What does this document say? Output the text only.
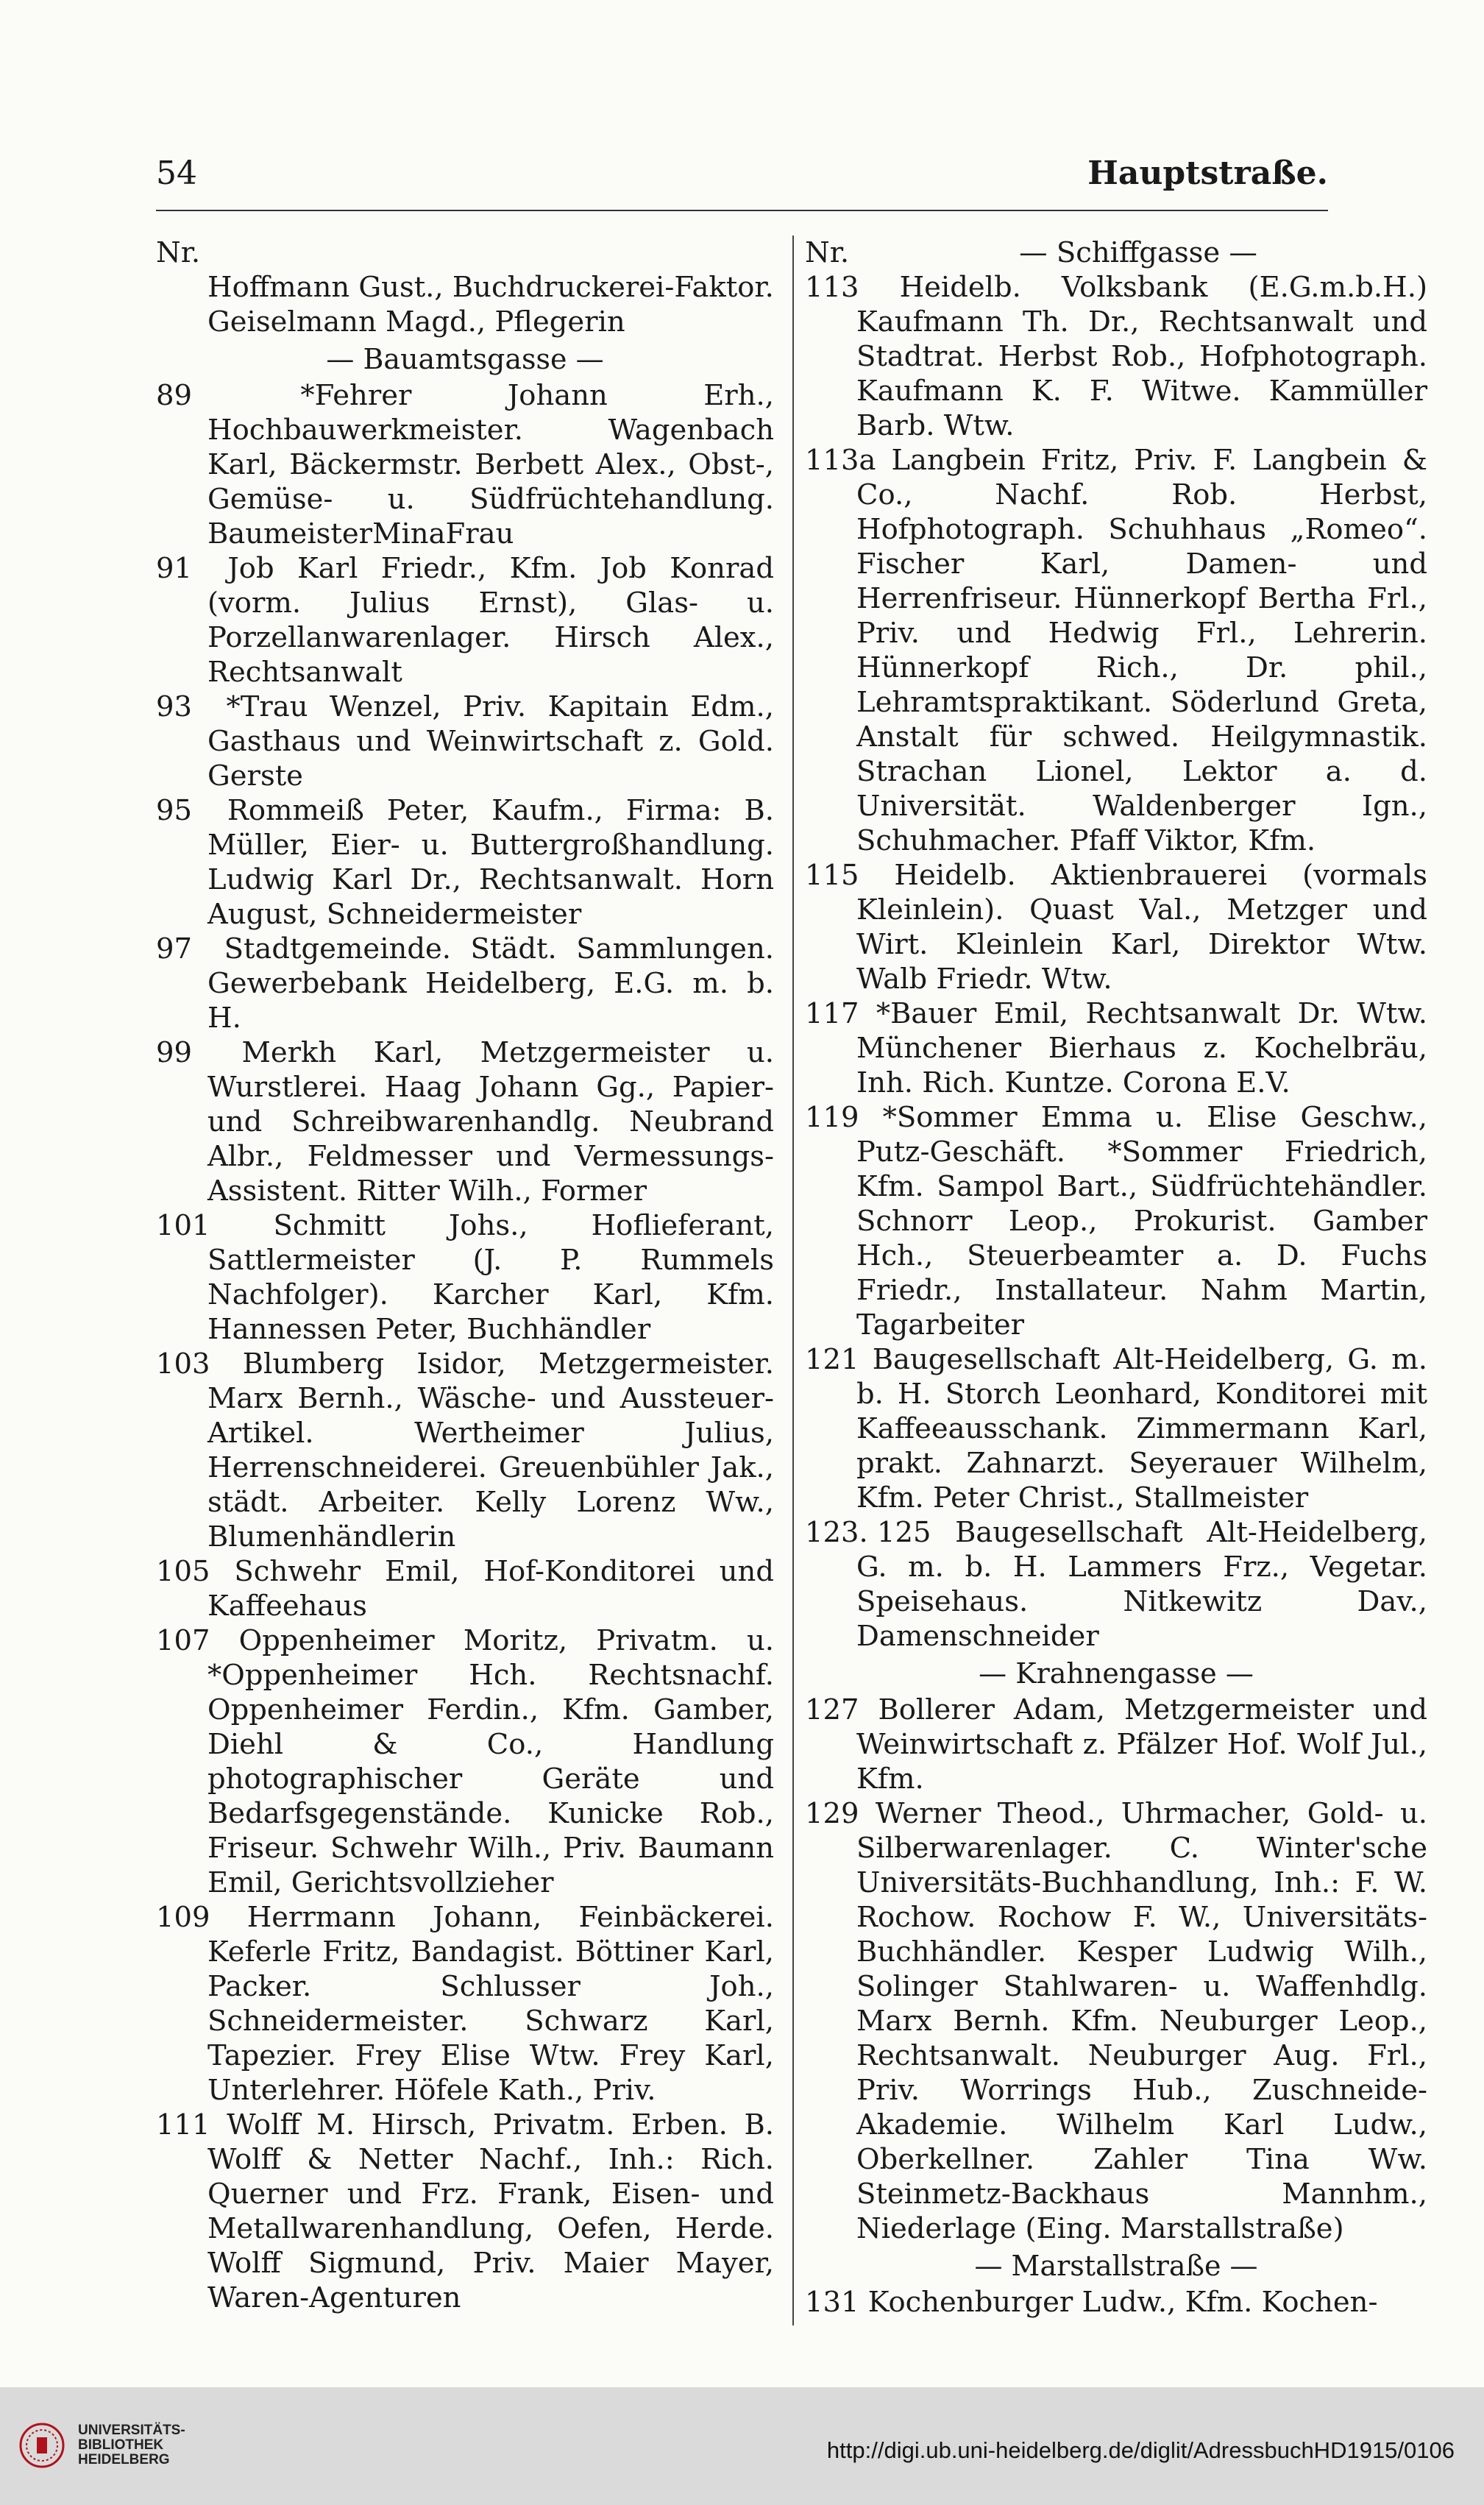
54	Hauptstraße.
Nr.

Hoffmann Gust., Buchdruckerei-Faktor.

Geiselmann Magd., Pflegerin

— Bauamtsgasse —

89	*Fehrer Johann Erh., Hochbauwerkmeister. Wagenbach Karl, Bäckermstr. Berbett Alex., Obst-, Gemüse- u. Südfrüchtehandlung. BaumeisterMinaFrau

91 Job Karl Friedr., Kfm. Job Konrad (vorm. Julius Ernst), Glas- u. Porzellanwarenlager. Hirsch Alex., Rechtsanwalt

93 *Trau Wenzel, Priv. Kapitain Edm., Gasthaus und Weinwirtschaft z. Gold. Gerste

95 Rommeiß Peter, Kaufm., Firma: B. Müller, Eier- u. Buttergroßhandlung. Ludwig Karl Dr., Rechtsanwalt. Horn August, Schneidermeister

97 Stadtgemeinde. Städt. Sammlungen. Gewerbebank Heidelberg, E.G. m. b. H.

99 Merkh Karl, Metzgermeister u. Wurstlerei. Haag Johann Gg., Papier- und Schreibwarenhandlg. Neubrand Albr., Feldmesser und Vermessungs-Assistent. Ritter Wilh., Former

101 Schmitt Johs., Hoflieferant, Sattlermeister (J. P. Rummels Nachfolger). Karcher Karl, Kfm. Hannessen Peter, Buchhändler

103 Blumberg Isidor, Metzgermeister. Marx Bernh., Wäsche- und Aussteuer-Artikel. Wertheimer Julius, Herrenschneiderei. Greuenbühler Jak., städt. Arbeiter. Kelly Lorenz Ww., Blumenhändlerin

105 Schwehr Emil, Hof-Konditorei und Kaffeehaus

107 Oppenheimer Moritz, Privatm. u. *Oppenheimer Hch. Rechtsnachf. Oppenheimer Ferdin., Kfm. Gamber, Diehl & Co., Handlung photographischer Geräte und Bedarfsgegenstände. Kunicke Rob., Friseur. Schwehr Wilh., Priv. Baumann Emil, Gerichtsvollzieher

109 Herrmann Johann, Feinbäckerei. Keferle Fritz, Bandagist. Böttiner Karl, Packer. Schlusser Joh., Schneidermeister. Schwarz Karl, Tapezier. Frey Elise Wtw. Frey Karl, Unterlehrer. Höfele Kath., Priv.

111 Wolff M. Hirsch, Privatm. Erben. B. Wolff & Netter Nachf., Inh.: Rich. Querner und Frz. Frank, Eisen- und Metallwarenhandlung, Oefen, Herde. Wolff Sigmund, Priv. Maier Mayer, Waren-Agenturen

Nr.	— Schiffgasse —

113 Heidelb. Volksbank (E.G.m.b.H.) Kaufmann Th. Dr., Rechtsanwalt und Stadtrat. Herbst Rob., Hofphotograph. Kaufmann K. F. Witwe. Kammüller Barb. Wtw.

113a Langbein Fritz, Priv. F. Langbein & Co., Nachf. Rob. Herbst, Hofphotograph. Schuhhaus „Romeo“. Fischer Karl, Damen- und Herrenfriseur. Hünnerkopf Bertha Frl., Priv. und Hedwig Frl., Lehrerin. Hünnerkopf Rich., Dr. phil., Lehramtspraktikant. Söderlund Greta, Anstalt für schwed. Heilgymnastik. Strachan Lionel, Lektor a. d. Universität. Waldenberger Ign., Schuhmacher. Pfaff Viktor, Kfm.

115 Heidelb. Aktienbrauerei (vormals Kleinlein). Quast Val., Metzger und Wirt. Kleinlein Karl, Direktor Wtw. Walb Friedr. Wtw.

117 *Bauer Emil, Rechtsanwalt Dr. Wtw. Münchener Bierhaus z. Kochelbräu, Inh. Rich. Kuntze. Corona E.V.

119 *Sommer Emma u. Elise Geschw., Putz-Geschäft. *Sommer Friedrich, Kfm. Sampol Bart., Südfrüchtehändler. Schnorr Leop., Prokurist. Gamber Hch., Steuerbeamter a. D. Fuchs Friedr., Installateur. Nahm Martin, Tagarbeiter

121 Baugesellschaft Alt-Heidelberg, G. m. b. H. Storch Leonhard, Konditorei mit Kaffeeausschank. Zimmermann Karl, prakt. Zahnarzt. Seyerauer Wilhelm, Kfm. Peter Christ., Stallmeister

123. 125 Baugesellschaft Alt-Heidelberg, G. m. b. H. Lammers Frz., Vegetar. Speisehaus. Nitkewitz Dav., Damenschneider

— Krahnengasse —

127 Bollerer Adam, Metzgermeister und Weinwirtschaft z. Pfälzer Hof. Wolf Jul., Kfm.

129 Werner Theod., Uhrmacher, Gold- u. Silberwarenlager. C. Winter'sche Universitäts-Buchhandlung, Inh.: F. W. Rochow. Rochow F. W., Universitäts-Buchhändler. Kesper Ludwig Wilh., Solinger Stahlwaren- u. Waffenhdlg. Marx Bernh. Kfm. Neuburger Leop., Rechtsanwalt. Neuburger Aug. Frl., Priv. Worrings Hub., Zuschneide-Akademie. Wilhelm Karl Ludw., Oberkellner. Zahler Tina Ww. Steinmetz-Backhaus Mannhm., Niederlage (Eing. Marstallstraße)

— Marstallstraße —

131 Kochenburger Ludw., Kfm. Kochen-

UNIVERSITÄTS-
BIBLIOTHEK
HEIDELBERG	http://digi.ub.uni-heidelberg.de/diglit/AdressbuchHD1915/0106
